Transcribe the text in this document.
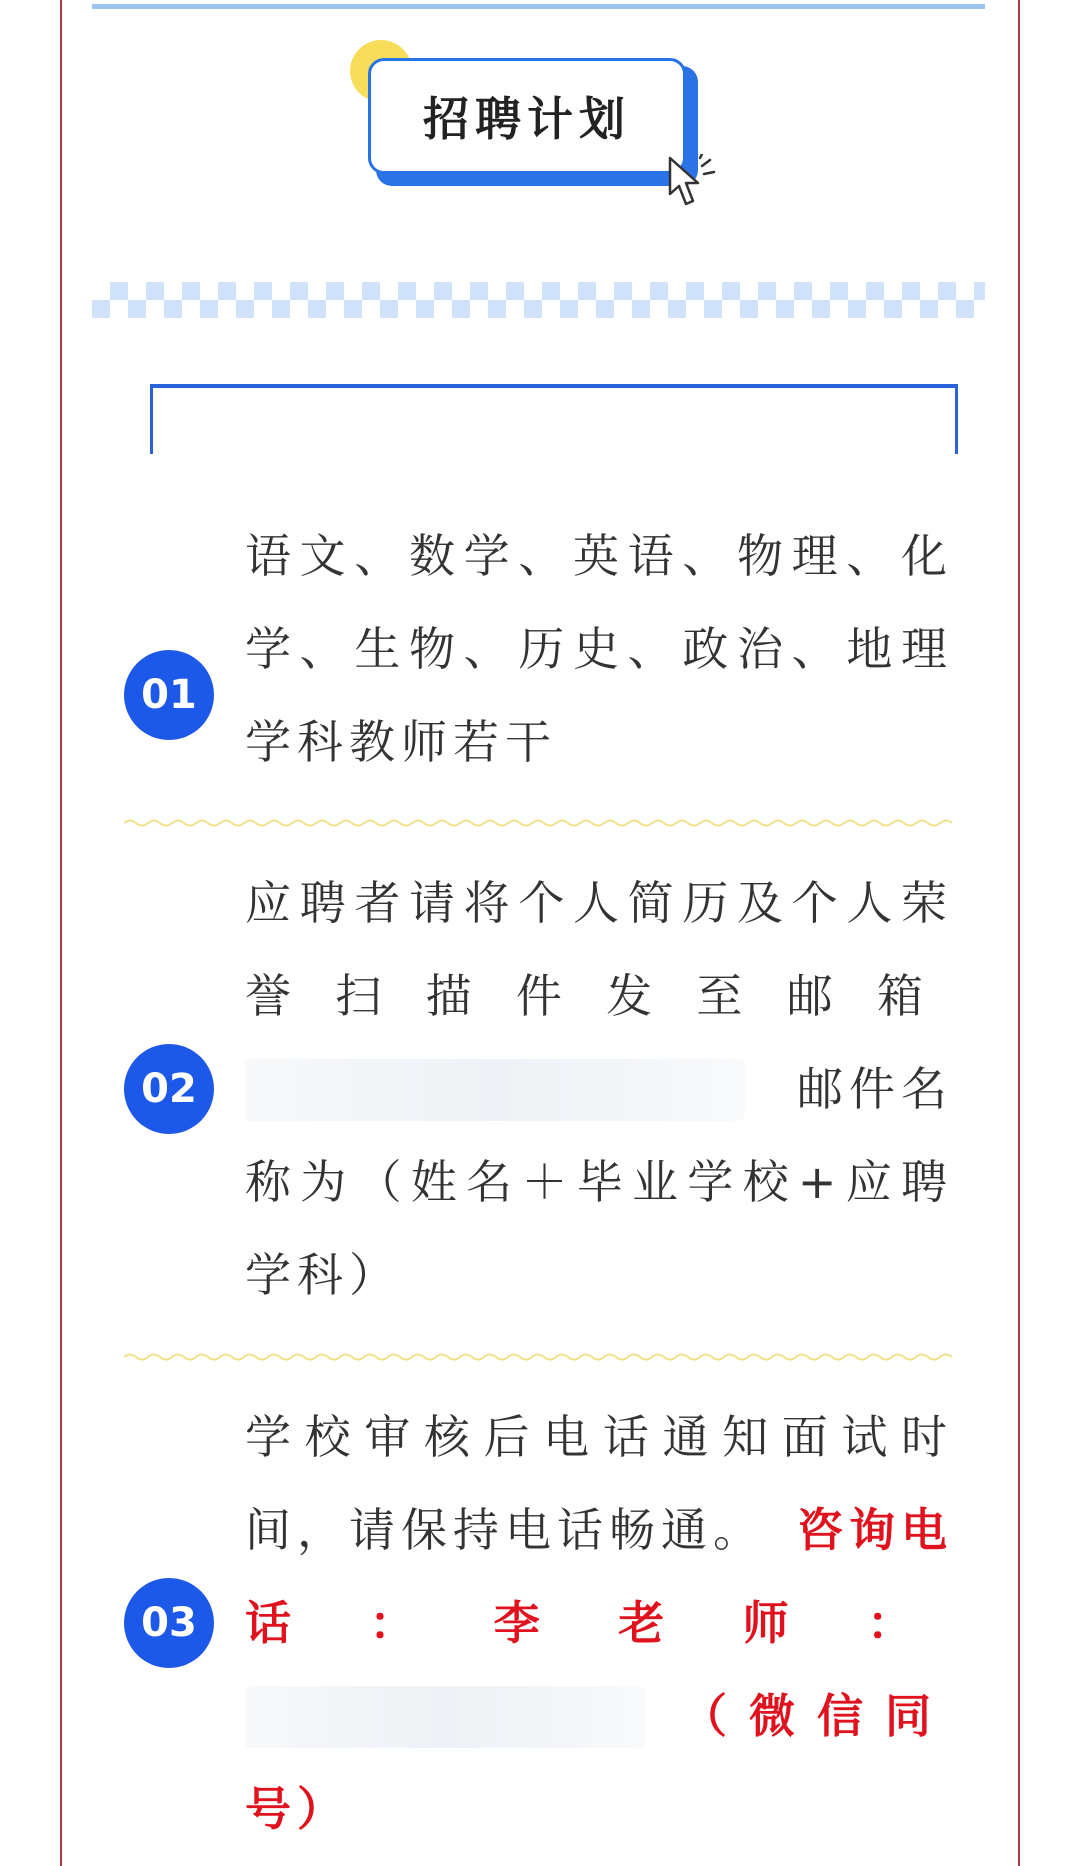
招聘计划
01
语文、数学、英语、物理、化
学、生物、历史、政治、地理
学科教师若干
02
应聘者请将个人简历及个人荣
誉扫描件发至邮箱
邮件名
称为（姓名＋毕业学校+应聘
学科）
03
学校审核后电话通知面试时
间，请保持电话畅通。 咨询电
话：李老师：
（微信同
号）
